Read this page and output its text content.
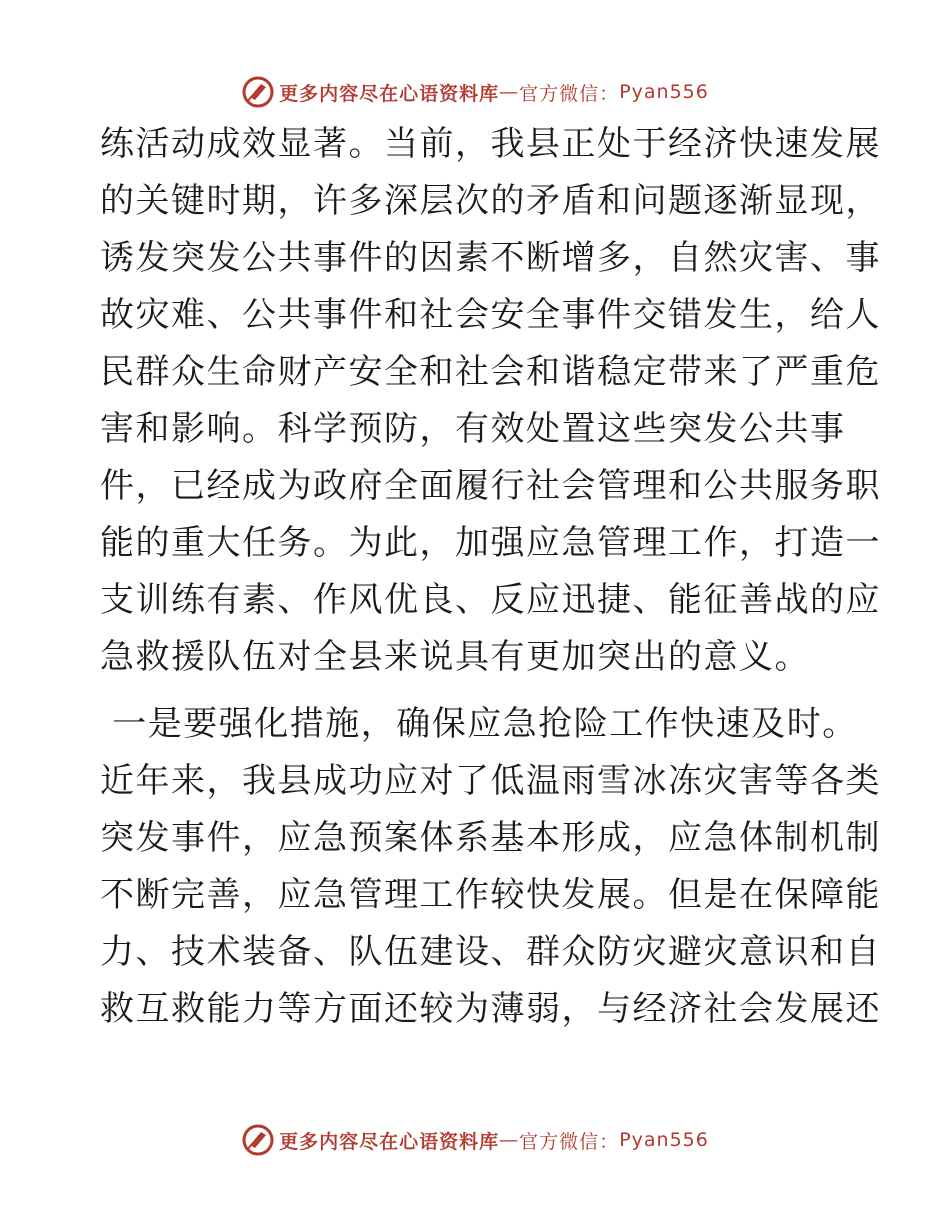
更多内容尽在心语资料库 — 官方微信： Pyan556
练活动成效显著。当前，我县正处于经济快速发展
的关键时期，许多深层次的矛盾和问题逐渐显现，
诱发突发公共事件的因素不断增多，自然灾害、事
故灾难、公共事件和社会安全事件交错发生，给人
民群众生命财产安全和社会和谐稳定带来了严重危
害和影响。科学预防，有效处置这些突发公共事
件，已经成为政府全面履行社会管理和公共服务职
能的重大任务。为此，加强应急管理工作，打造一
支训练有素、作风优良、反应迅捷、能征善战的应
急救援队伍对全县来说具有更加突出的意义。
一是要强化措施，确保应急抢险工作快速及时。
近年来，我县成功应对了低温雨雪冰冻灾害等各类
突发事件，应急预案体系基本形成，应急体制机制
不断完善，应急管理工作较快发展。但是在保障能
力、技术装备、队伍建设、群众防灾避灾意识和自
救互救能力等方面还较为薄弱，与经济社会发展还
更多内容尽在心语资料库 — 官方微信： Pyan556
